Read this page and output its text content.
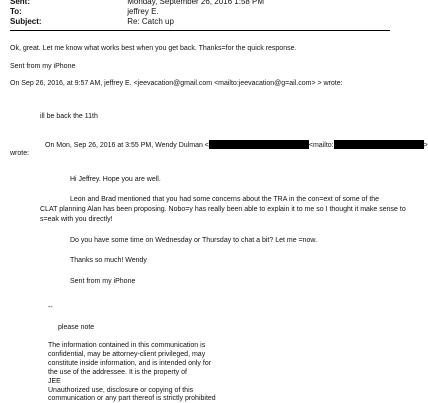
Sent:	Monday, September 26, 2016 1:58 PM
To:	jeffrey E.
Subject:	Re: Catch up
Ok, great. Let me know what works best when you get back. Thanks=for the quick response.
Sent from my iPhone
On Sep 26, 2016, at 9:57 AM, jeffrey E. <jeevacation@gmail.com <mailto:jeevacation@g=ail.com> > wrote:
ill be back the 11th
On Mon, Sep 26, 2016 at 3:55 PM, Wendy Dulman <	<mailto:	>
wrote:
Hi Jeffrey. Hope you are well.
Leon and Brad mentioned that you had some concerns about the TRA in the con=ext of some of the
CLAT planning Alan has been proposing. Nobo=y has really been able to explain it to me so I thought it make sense to
s=eak with you directly!
Do you have some time on Wednesday or Thursday to chat a bit? Let me =now.
Thanks so much! Wendy
Sent from my iPhone
--
please note
The information contained in this communication is
confidential, may be attorney-client privileged, may
constitute inside information, and is intended only for
the use of the addressee. It is the property of
JEE
Unauthorized use, disclosure or copying of this
communication or any part thereof is strictly prohibited
